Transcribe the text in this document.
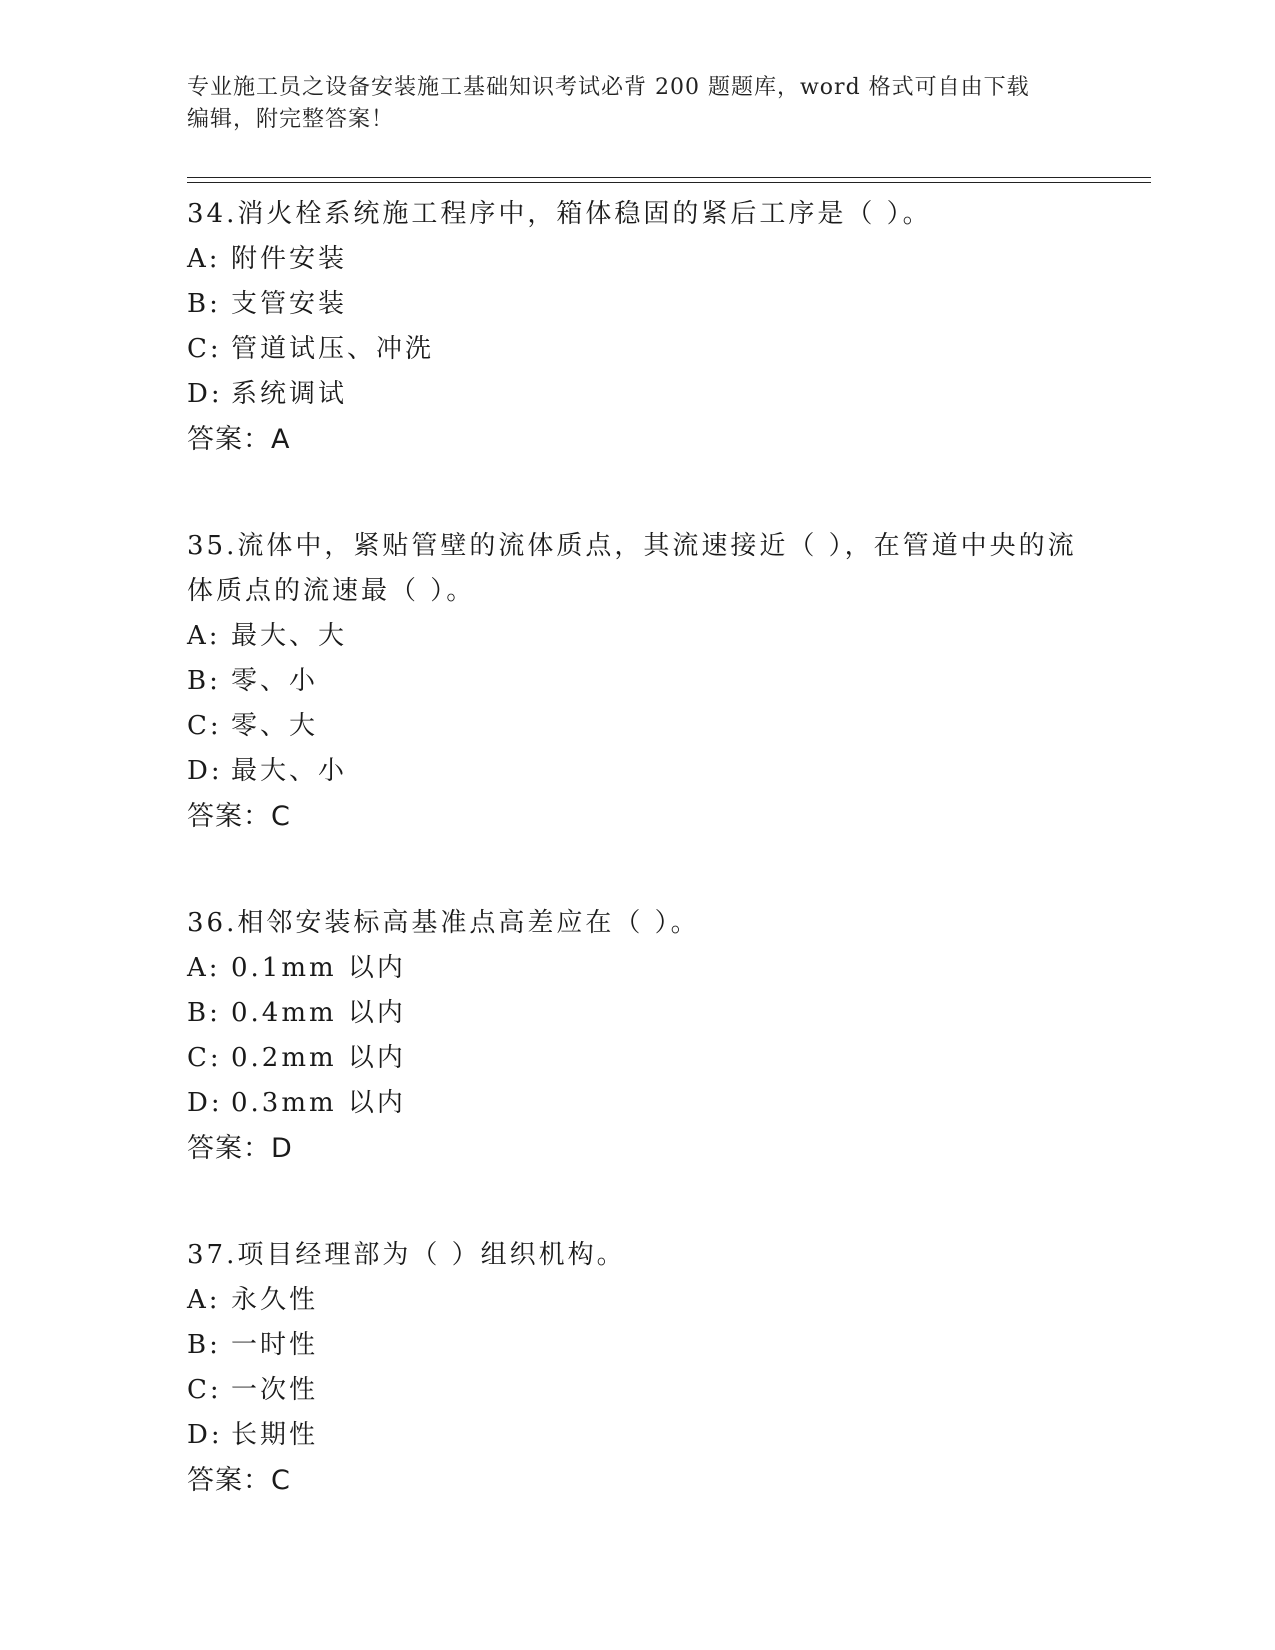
专业施工员之设备安装施工基础知识考试必背 200 题题库，word 格式可自由下载
编辑，附完整答案！

34.消火栓系统施工程序中，箱体稳固的紧后工序是（ ）。

A: 附件安装

B: 支管安装

C: 管道试压、冲洗

D: 系统调试

答案：A

35.流体中，紧贴管壁的流体质点，其流速接近（ ），在管道中央的流体质点的流速最（ ）。

A: 最大、大

B: 零、小

C: 零、大

D: 最大、小

答案：C

36.相邻安装标高基准点高差应在（ ）。

A: 0.1mm 以内

B: 0.4mm 以内

C: 0.2mm 以内

D: 0.3mm 以内

答案：D

37.项目经理部为（ ）组织机构。

A: 永久性

B: 一时性

C: 一次性

D: 长期性

答案：C
